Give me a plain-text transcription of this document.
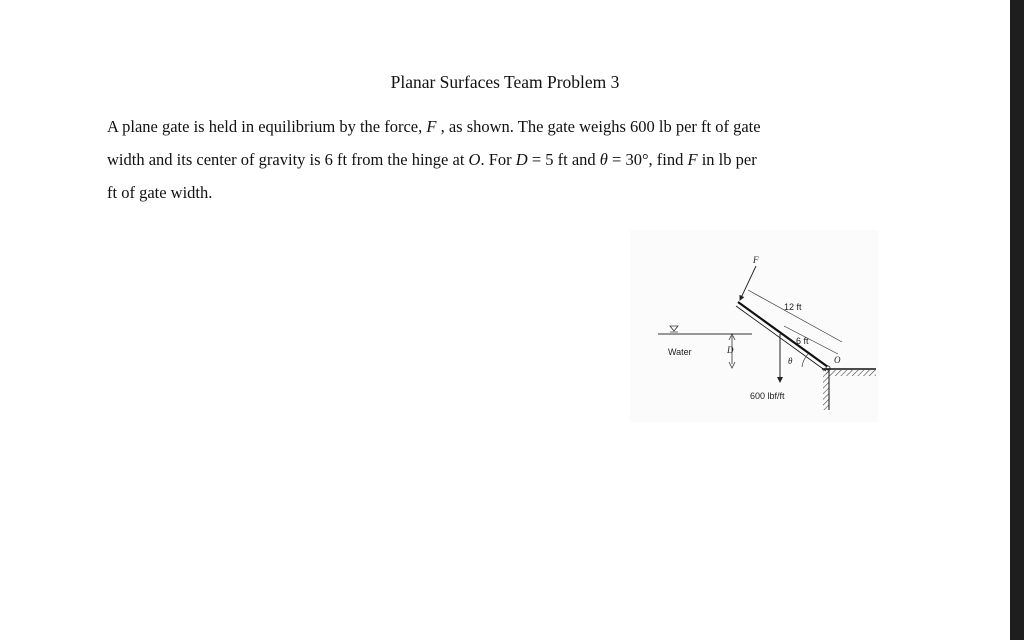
Planar Surfaces Team Problem 3
A plane gate is held in equilibrium by the force, F , as shown. The gate weighs 600 lb per ft of gate
width and its center of gravity is 6 ft from the hinge at O. For D = 5 ft and θ = 30°, find F in lb per
ft of gate width.
Water	D
F
12 ft
6 ft
600 lbf/ft
θ	O
